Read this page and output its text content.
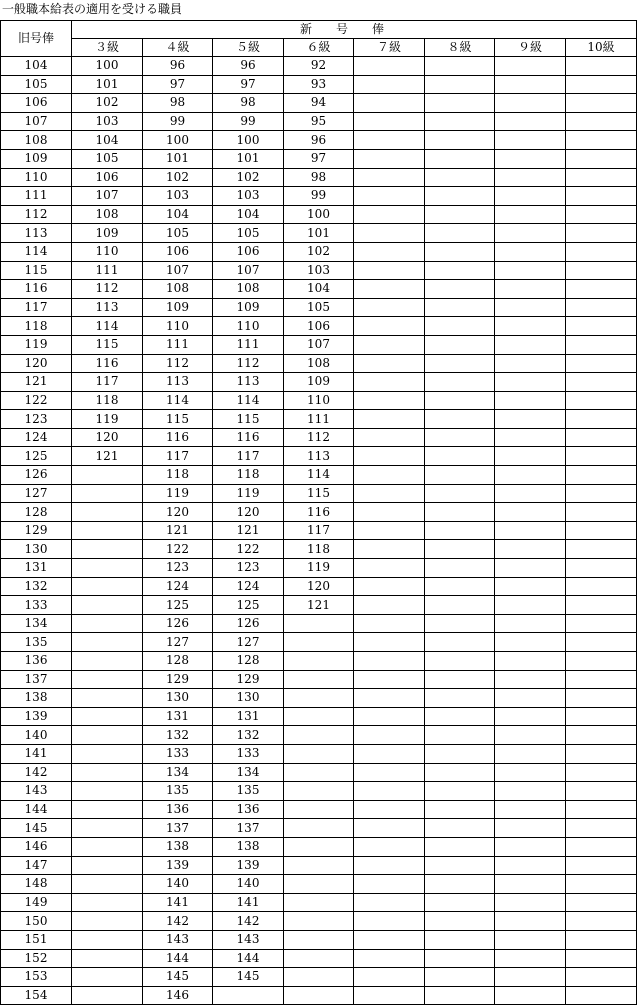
一般職本給表の適用を受ける職員
旧号俸	新号俸							
	３級	４級	５級	６級	７級	８級	９級	10級
104	100	96	96	92				
105	101	97	97	93				
106	102	98	98	94				
107	103	99	99	95				
108	104	100	100	96				
109	105	101	101	97				
110	106	102	102	98				
111	107	103	103	99				
112	108	104	104	100				
113	109	105	105	101				
114	110	106	106	102				
115	111	107	107	103				
116	112	108	108	104				
117	113	109	109	105				
118	114	110	110	106				
119	115	111	111	107				
120	116	112	112	108				
121	117	113	113	109				
122	118	114	114	110				
123	119	115	115	111				
124	120	116	116	112				
125	121	117	117	113				
126		118	118	114				
127		119	119	115				
128		120	120	116				
129		121	121	117				
130		122	122	118				
131		123	123	119				
132		124	124	120				
133		125	125	121				
134		126	126					
135		127	127					
136		128	128					
137		129	129					
138		130	130					
139		131	131					
140		132	132					
141		133	133					
142		134	134					
143		135	135					
144		136	136					
145		137	137					
146		138	138					
147		139	139					
148		140	140					
149		141	141					
150		142	142					
151		143	143					
152		144	144					
153		145	145					
154		146						
